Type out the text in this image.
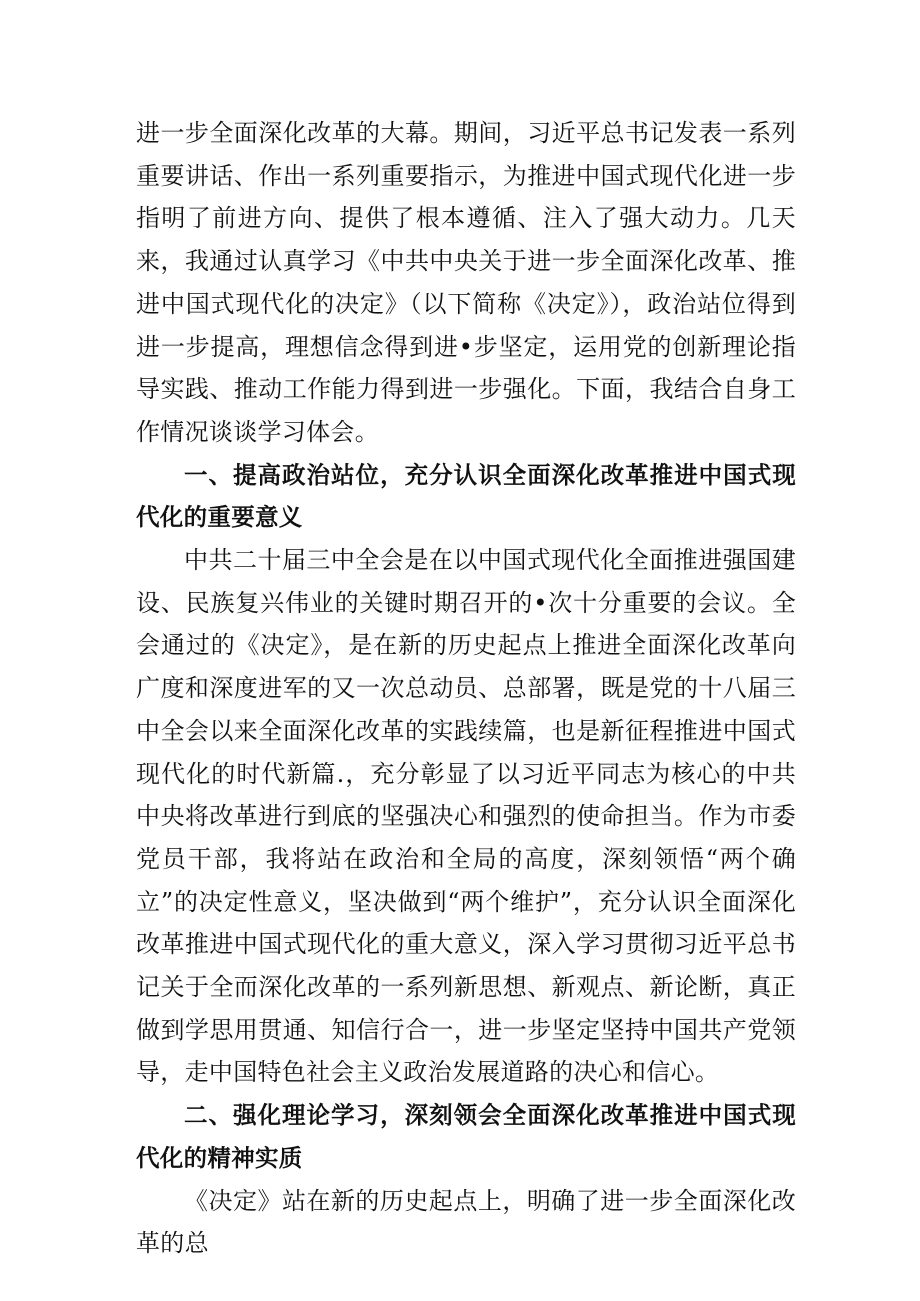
进一步全面深化改革的大幕。期间，习近平总书记发表一系列重要讲话、作出一系列重要指示，为推进中国式现代化进一步指明了前进方向、提供了根本遵循、注入了强大动力。几天来，我通过认真学习《中共中央关于进一步全面深化改革、推进中国式现代化的决定》（以下简称《决定》），政治站位得到进一步提高，理想信念得到进•步坚定，运用党的创新理论指导实践、推动工作能力得到进一步强化。下面，我结合自身工作情况谈谈学习体会。

一、提高政治站位，充分认识全面深化改革推进中国式现代化的重要意义

中共二十届三中全会是在以中国式现代化全面推进强国建设、民族复兴伟业的关键时期召开的•次十分重要的会议。全会通过的《决定》，是在新的历史起点上推进全面深化改革向广度和深度进军的又一次总动员、总部署，既是党的十八届三中全会以来全面深化改革的实践续篇，也是新征程推进中国式现代化的时代新篇.，充分彰显了以习近平同志为核心的中共中央将改革进行到底的坚强决心和强烈的使命担当。作为市委党员干部，我将站在政治和全局的高度，深刻领悟“两个确立”的决定性意义，坚决做到“两个维护”，充分认识全面深化改革推进中国式现代化的重大意义，深入学习贯彻习近平总书记关于全而深化改革的一系列新思想、新观点、新论断，真正做到学思用贯通、知信行合一，进一步坚定坚持中国共产党领导，走中国特色社会主义政治发展道路的决心和信心。

二、强化理论学习，深刻领会全面深化改革推进中国式现代化的精神实质

《决定》站在新的历史起点上，明确了进一步全面深化改革的总
